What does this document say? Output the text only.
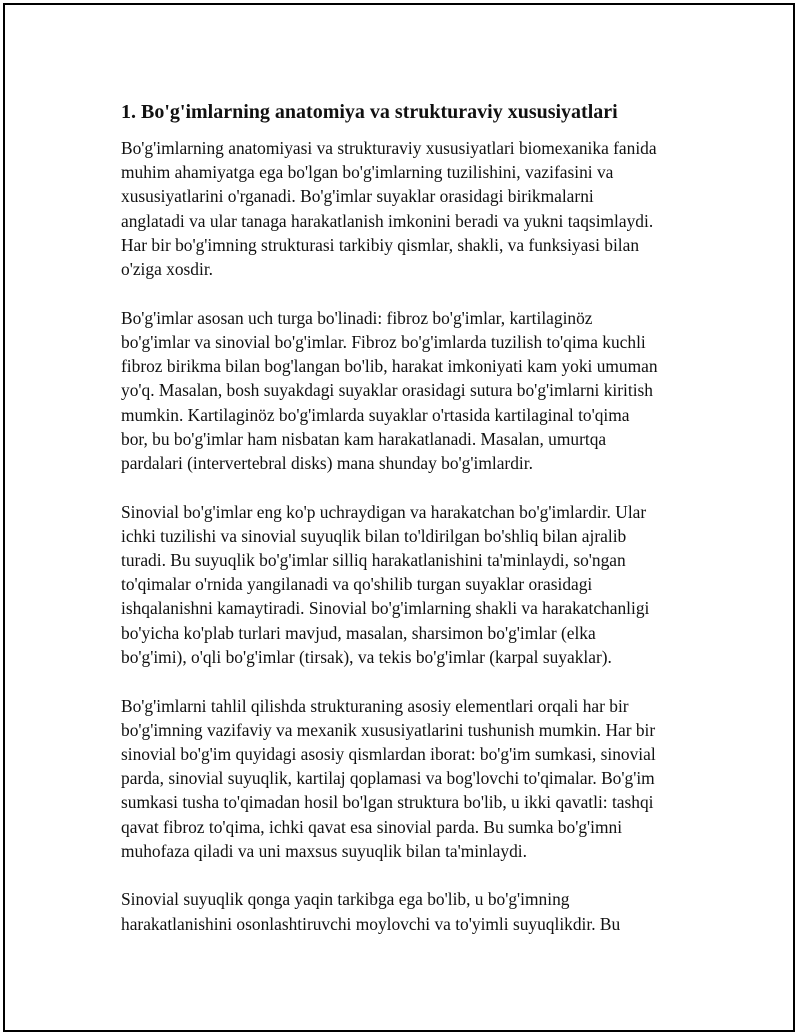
1. Bo'g'imlarning anatomiya va strukturaviy xususiyatlari

Bo'g'imlarning anatomiyasi va strukturaviy xususiyatlari biomexanika fanida
muhim ahamiyatga ega bo'lgan bo'g'imlarning tuzilishini, vazifasini va
xususiyatlarini o'rganadi. Bo'g'imlar suyaklar orasidagi birikmalarni
anglatadi va ular tanaga harakatlanish imkonini beradi va yukni taqsimlaydi.
Har bir bo'g'imning strukturasi tarkibiy qismlar, shakli, va funksiyasi bilan
o'ziga xosdir.

Bo'g'imlar asosan uch turga bo'linadi: fibroz bo'g'imlar, kartilaginöz
bo'g'imlar va sinovial bo'g'imlar. Fibroz bo'g'imlarda tuzilish to'qima kuchli
fibroz birikma bilan bog'langan bo'lib, harakat imkoniyati kam yoki umuman
yo'q. Masalan, bosh suyakdagi suyaklar orasidagi sutura bo'g'imlarni kiritish
mumkin. Kartilaginöz bo'g'imlarda suyaklar o'rtasida kartilaginal to'qima
bor, bu bo'g'imlar ham nisbatan kam harakatlanadi. Masalan, umurtqa
pardalari (intervertebral disks) mana shunday bo'g'imlardir.

Sinovial bo'g'imlar eng ko'p uchraydigan va harakatchan bo'g'imlardir. Ular
ichki tuzilishi va sinovial suyuqlik bilan to'ldirilgan bo'shliq bilan ajralib
turadi. Bu suyuqlik bo'g'imlar silliq harakatlanishini ta'minlaydi, so'ngan
to'qimalar o'rnida yangilanadi va qo'shilib turgan suyaklar orasidagi
ishqalanishni kamaytiradi. Sinovial bo'g'imlarning shakli va harakatchanligi
bo'yicha ko'plab turlari mavjud, masalan, sharsimon bo'g'imlar (elka
bo'g'imi), o'qli bo'g'imlar (tirsak), va tekis bo'g'imlar (karpal suyaklar).

Bo'g'imlarni tahlil qilishda strukturaning asosiy elementlari orqali har bir
bo'g'imning vazifaviy va mexanik xususiyatlarini tushunish mumkin. Har bir
sinovial bo'g'im quyidagi asosiy qismlardan iborat: bo'g'im sumkasi, sinovial
parda, sinovial suyuqlik, kartilaj qoplamasi va bog'lovchi to'qimalar. Bo'g'im
sumkasi tusha to'qimadan hosil bo'lgan struktura bo'lib, u ikki qavatli: tashqi
qavat fibroz to'qima, ichki qavat esa sinovial parda. Bu sumka bo'g'imni
muhofaza qiladi va uni maxsus suyuqlik bilan ta'minlaydi.

Sinovial suyuqlik qonga yaqin tarkibga ega bo'lib, u bo'g'imning
harakatlanishini osonlashtiruvchi moylovchi va to'yimli suyuqlikdir. Bu
